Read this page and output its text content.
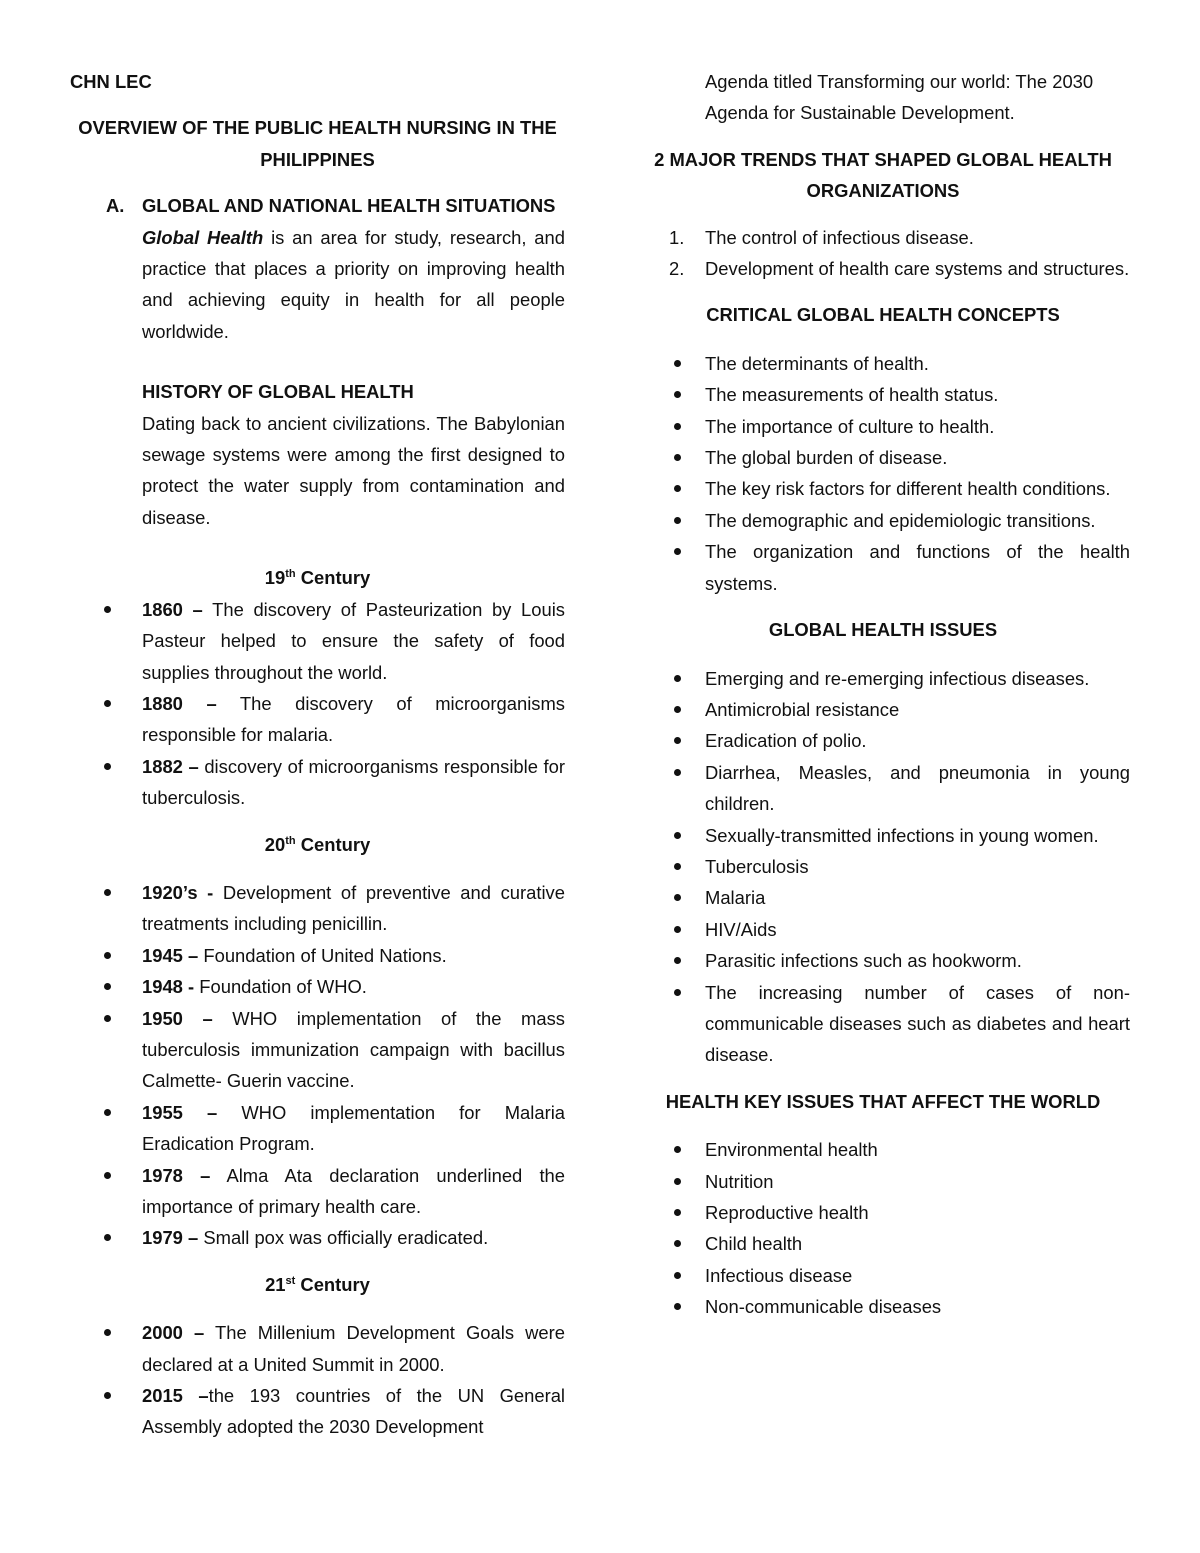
CHN LEC
OVERVIEW OF THE PUBLIC HEALTH NURSING IN THE PHILIPPINES
A. GLOBAL AND NATIONAL HEALTH SITUATIONS
Global Health is an area for study, research, and practice that places a priority on improving health and achieving equity in health for all people worldwide.
HISTORY OF GLOBAL HEALTH
Dating back to ancient civilizations. The Babylonian sewage systems were among the first designed to protect the water supply from contamination and disease.
19th Century
1860 – The discovery of Pasteurization by Louis Pasteur helped to ensure the safety of food supplies throughout the world.
1880 – The discovery of microorganisms responsible for malaria.
1882 – discovery of microorganisms responsible for tuberculosis.
20th Century
1920’s - Development of preventive and curative treatments including penicillin.
1945 – Foundation of United Nations.
1948 - Foundation of WHO.
1950 – WHO implementation of the mass tuberculosis immunization campaign with bacillus Calmette- Guerin vaccine.
1955 – WHO implementation for Malaria Eradication Program.
1978 – Alma Ata declaration underlined the importance of primary health care.
1979 – Small pox was officially eradicated.
21st Century
2000 – The Millenium Development Goals were declared at a United Summit in 2000.
2015 –the 193 countries of the UN General Assembly adopted the 2030 Development
Agenda titled Transforming our world: The 2030 Agenda for Sustainable Development.
2 MAJOR TRENDS THAT SHAPED GLOBAL HEALTH ORGANIZATIONS
1. The control of infectious disease.
2. Development of health care systems and structures.
CRITICAL GLOBAL HEALTH CONCEPTS
The determinants of health.
The measurements of health status.
The importance of culture to health.
The global burden of disease.
The key risk factors for different health conditions.
The demographic and epidemiologic transitions.
The organization and functions of the health systems.
GLOBAL HEALTH ISSUES
Emerging and re-emerging infectious diseases.
Antimicrobial resistance
Eradication of polio.
Diarrhea, Measles, and pneumonia in young children.
Sexually-transmitted infections in young women.
Tuberculosis
Malaria
HIV/Aids
Parasitic infections such as hookworm.
The increasing number of cases of non-communicable diseases such as diabetes and heart disease.
HEALTH KEY ISSUES THAT AFFECT THE WORLD
Environmental health
Nutrition
Reproductive health
Child health
Infectious disease
Non-communicable diseases
